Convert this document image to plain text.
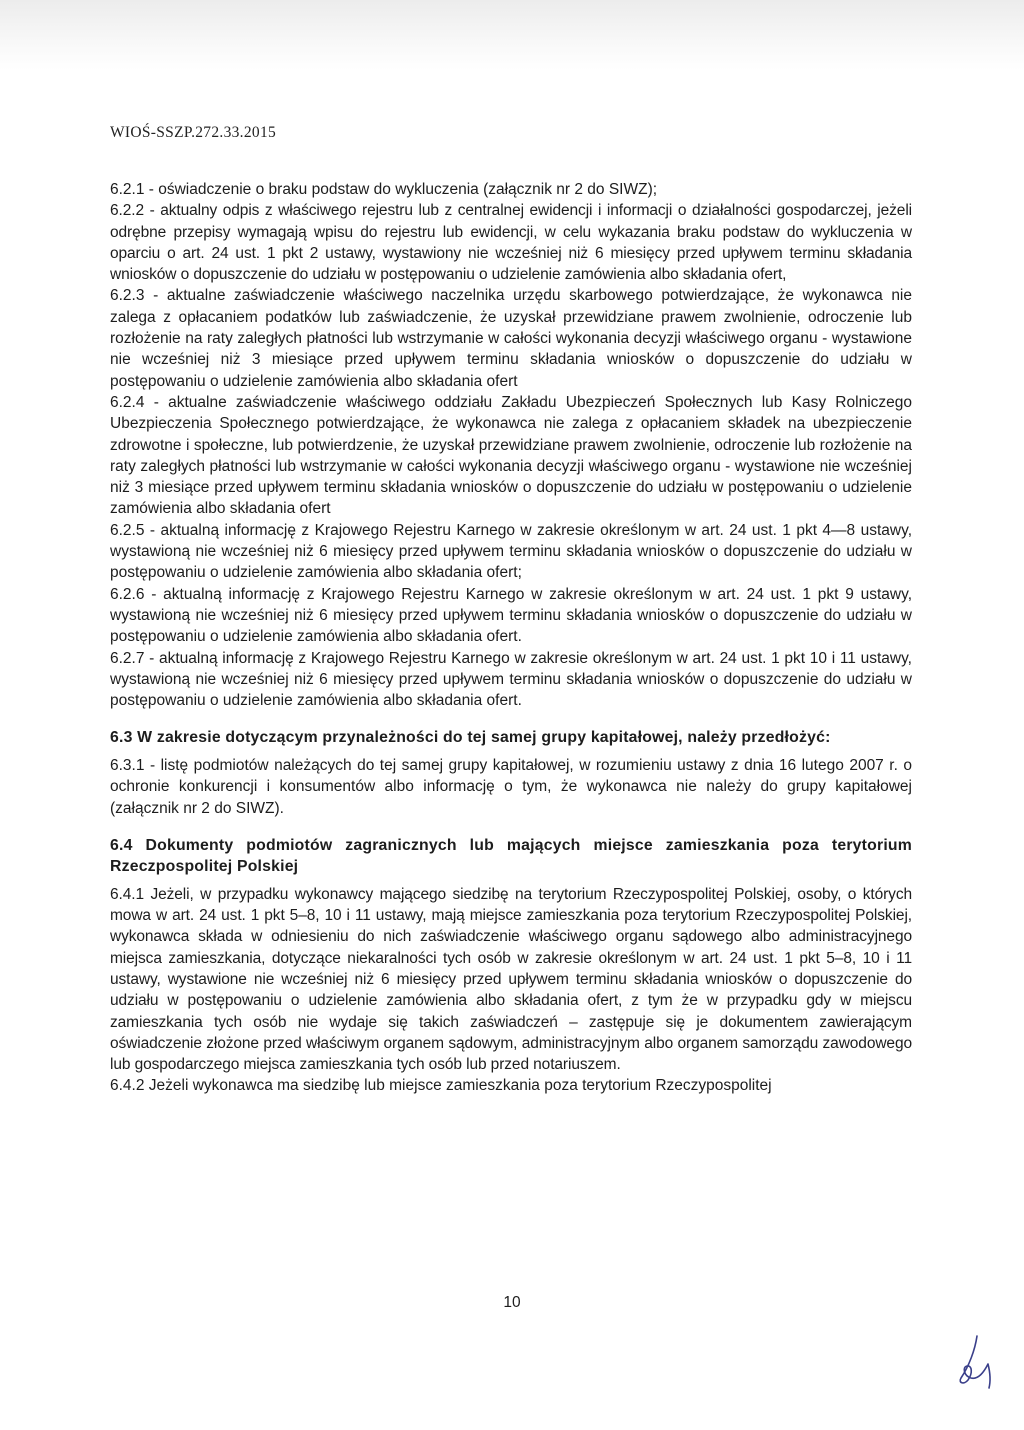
WIOŚ-SSZP.272.33.2015

6.2.1 - oświadczenie o braku podstaw do wykluczenia (załącznik nr 2 do SIWZ);

6.2.2 - aktualny odpis z właściwego rejestru lub z centralnej ewidencji i informacji o działalności gospodarczej, jeżeli odrębne przepisy wymagają wpisu do rejestru lub ewidencji, w celu wykazania braku podstaw do wykluczenia w oparciu o art. 24 ust. 1 pkt 2 ustawy, wystawiony nie wcześniej niż 6 miesięcy przed upływem terminu składania wniosków o dopuszczenie do udziału w postępowaniu o udzielenie zamówienia albo składania ofert,

6.2.3 - aktualne zaświadczenie właściwego naczelnika urzędu skarbowego potwierdzające, że wykonawca nie zalega z opłacaniem podatków lub zaświadczenie, że uzyskał przewidziane prawem zwolnienie, odroczenie lub rozłożenie na raty zaległych płatności lub wstrzymanie w całości wykonania decyzji właściwego organu - wystawione nie wcześniej niż 3 miesiące przed upływem terminu składania wniosków o dopuszczenie do udziału w postępowaniu o udzielenie zamówienia albo składania ofert

6.2.4 - aktualne zaświadczenie właściwego oddziału Zakładu Ubezpieczeń Społecznych lub Kasy Rolniczego Ubezpieczenia Społecznego potwierdzające, że wykonawca nie zalega z opłacaniem składek na ubezpieczenie zdrowotne i społeczne, lub potwierdzenie, że uzyskał przewidziane prawem zwolnienie, odroczenie lub rozłożenie na raty zaległych płatności lub wstrzymanie w całości wykonania decyzji właściwego organu - wystawione nie wcześniej niż 3 miesiące przed upływem terminu składania wniosków o dopuszczenie do udziału w postępowaniu o udzielenie zamówienia albo składania ofert

6.2.5 - aktualną informację z Krajowego Rejestru Karnego w zakresie określonym w art. 24 ust. 1 pkt 4—8 ustawy, wystawioną nie wcześniej niż 6 miesięcy przed upływem terminu składania wniosków o dopuszczenie do udziału w postępowaniu o udzielenie zamówienia albo składania ofert;

6.2.6 - aktualną informację z Krajowego Rejestru Karnego w zakresie określonym w art. 24 ust. 1 pkt 9 ustawy, wystawioną nie wcześniej niż 6 miesięcy przed upływem terminu składania wniosków o dopuszczenie do udziału w postępowaniu o udzielenie zamówienia albo składania ofert.

6.2.7 - aktualną informację z Krajowego Rejestru Karnego w zakresie określonym w art. 24 ust. 1 pkt 10 i 11 ustawy, wystawioną nie wcześniej niż 6 miesięcy przed upływem terminu składania wniosków o dopuszczenie do udziału w postępowaniu o udzielenie zamówienia albo składania ofert.

6.3 W zakresie dotyczącym przynależności do tej samej grupy kapitałowej, należy przedłożyć:

6.3.1 - listę podmiotów należących do tej samej grupy kapitałowej, w rozumieniu ustawy z dnia 16 lutego 2007 r. o ochronie konkurencji i konsumentów albo informację o tym, że wykonawca nie należy do grupy kapitałowej (załącznik nr 2 do SIWZ).

6.4 Dokumenty podmiotów zagranicznych lub mających miejsce zamieszkania poza terytorium Rzeczpospolitej Polskiej

6.4.1 Jeżeli, w przypadku wykonawcy mającego siedzibę na terytorium Rzeczypospolitej Polskiej, osoby, o których mowa w art. 24 ust. 1 pkt 5–8, 10 i 11 ustawy, mają miejsce zamieszkania poza terytorium Rzeczypospolitej Polskiej, wykonawca składa w odniesieniu do nich zaświadczenie właściwego organu sądowego albo administracyjnego miejsca zamieszkania, dotyczące niekaralności tych osób w zakresie określonym w art. 24 ust. 1 pkt 5–8, 10 i 11 ustawy, wystawione nie wcześniej niż 6 miesięcy przed upływem terminu składania wniosków o dopuszczenie do udziału w postępowaniu o udzielenie zamówienia albo składania ofert, z tym że w przypadku gdy w miejscu zamieszkania tych osób nie wydaje się takich zaświadczeń – zastępuje się je dokumentem zawierającym oświadczenie złożone przed właściwym organem sądowym, administracyjnym albo organem samorządu zawodowego lub gospodarczego miejsca zamieszkania tych osób lub przed notariuszem.

6.4.2 Jeżeli wykonawca ma siedzibę lub miejsce zamieszkania poza terytorium Rzeczypospolitej

10
